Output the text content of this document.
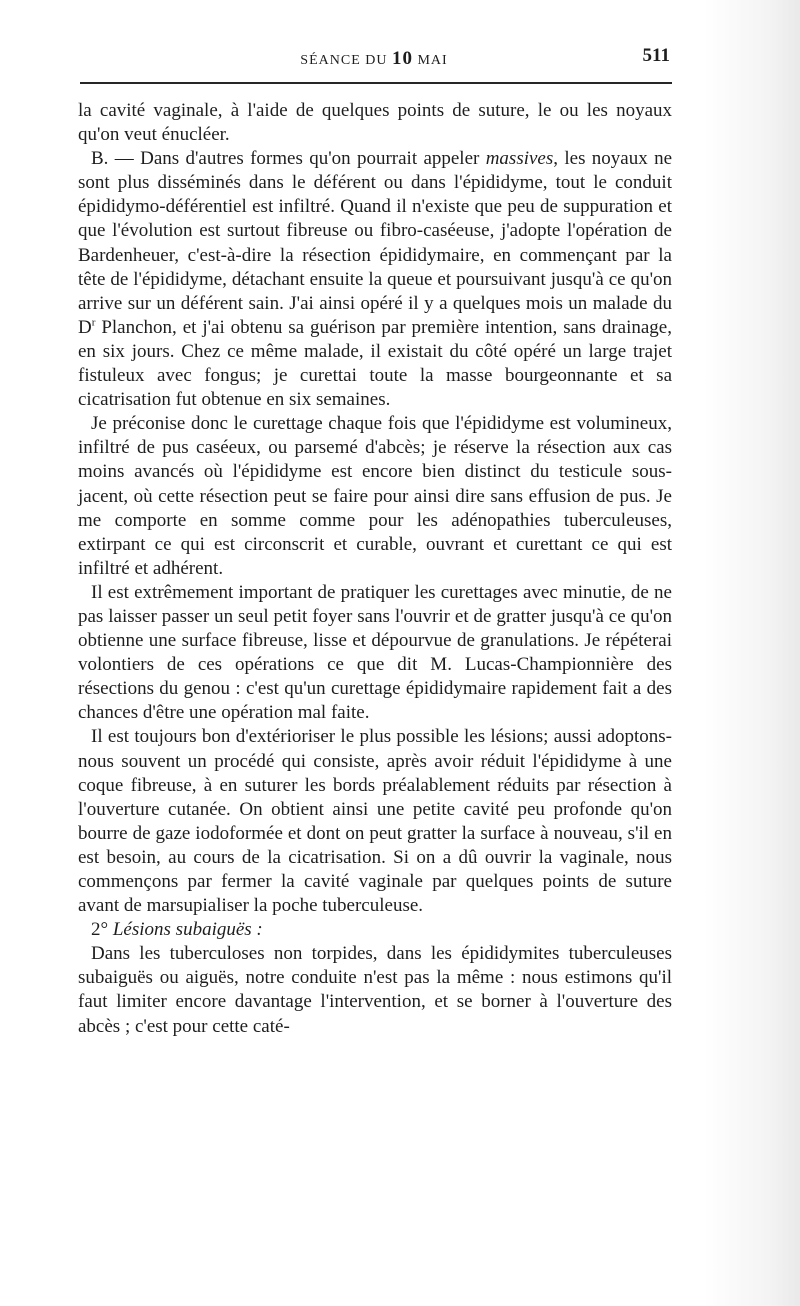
SÉANCE DU 10 MAI	511

la cavité vaginale, à l'aide de quelques points de suture, le ou les noyaux qu'on veut énucléer.

B. — Dans d'autres formes qu'on pourrait appeler massives, les noyaux ne sont plus disséminés dans le déférent ou dans l'épididyme, tout le conduit épididymo-déférentiel est infiltré. Quand il n'existe que peu de suppuration et que l'évolution est surtout fibreuse ou fibro-caséeuse, j'adopte l'opération de Bardenheuer, c'est-à-dire la résection épididymaire, en commençant par la tête de l'épididyme, détachant ensuite la queue et poursuivant jusqu'à ce qu'on arrive sur un déférent sain. J'ai ainsi opéré il y a quelques mois un malade du $D^r$ Planchon, et j'ai obtenu sa guérison par première intention, sans drainage, en six jours. Chez ce même malade, il existait du côté opéré un large trajet fistuleux avec fongus; je curettai toute la masse bourgeonnante et sa cicatrisation fut obtenue en six semaines.

Je préconise donc le curettage chaque fois que l'épididyme est volumineux, infiltré de pus caséeux, ou parsemé d'abcès; je réserve la résection aux cas moins avancés où l'épididyme est encore bien distinct du testicule sous-jacent, où cette résection peut se faire pour ainsi dire sans effusion de pus. Je me comporte en somme comme pour les adénopathies tuberculeuses, extirpant ce qui est circonscrit et curable, ouvrant et curettant ce qui est infiltré et adhérent.

Il est extrêmement important de pratiquer les curettages avec minutie, de ne pas laisser passer un seul petit foyer sans l'ouvrir et de gratter jusqu'à ce qu'on obtienne une surface fibreuse, lisse et dépourvue de granulations. Je répéterai volontiers de ces opérations ce que dit M. Lucas-Championnière des résections du genou : c'est qu'un curettage épididymaire rapidement fait a des chances d'être une opération mal faite.

Il est toujours bon d'extérioriser le plus possible les lésions; aussi adoptons-nous souvent un procédé qui consiste, après avoir réduit l'épididyme à une coque fibreuse, à en suturer les bords préalablement réduits par résection à l'ouverture cutanée. On obtient ainsi une petite cavité peu profonde qu'on bourre de gaze iodoformée et dont on peut gratter la surface à nouveau, s'il en est besoin, au cours de la cicatrisation. Si on a dû ouvrir la vaginale, nous commençons par fermer la cavité vaginale par quelques points de suture avant de marsupialiser la poche tuberculeuse.

2° Lésions subaiguës :

Dans les tuberculoses non torpides, dans les épididymites tuberculeuses subaiguës ou aiguës, notre conduite n'est pas la même : nous estimons qu'il faut limiter encore davantage l'intervention, et se borner à l'ouverture des abcès ; c'est pour cette caté-
